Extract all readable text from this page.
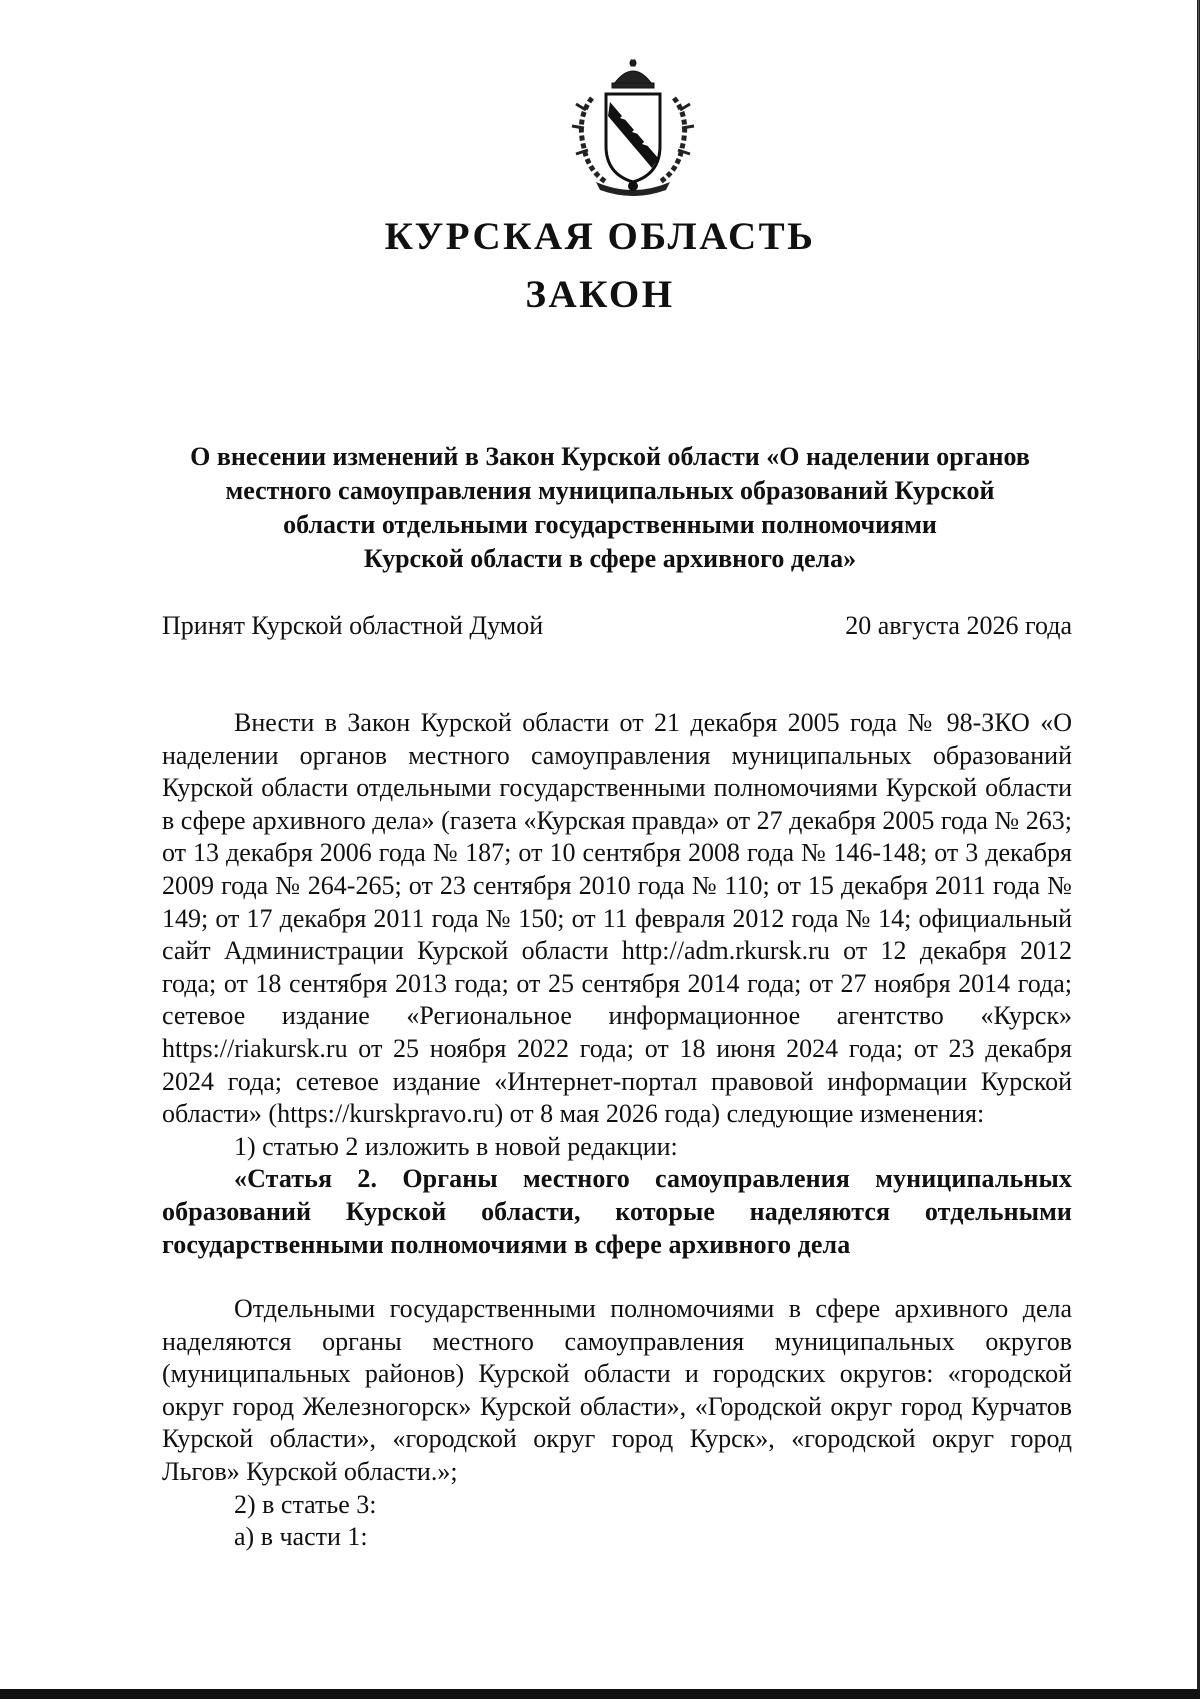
КУРСКАЯ ОБЛАСТЬ
ЗАКОН
О внесении изменений в Закон Курской области «О наделении органов
местного самоуправления муниципальных образований Курской
области отдельными государственными полномочиями
Курской области в сфере архивного дела»
Принят Курской областной Думой	20 августа 2026 года

Внести в Закон Курской области от 21 декабря 2005 года № 98-ЗКО «О наделении органов местного самоуправления муниципальных образований Курской области отдельными государственными полномочиями Курской области в сфере архивного дела» (газета «Курская правда» от 27 декабря 2005 года № 263; от 13 декабря 2006 года № 187; от 10 сентября 2008 года № 146-148; от 3 декабря 2009 года № 264-265; от 23 сентября 2010 года № 110; от 15 декабря 2011 года № 149; от 17 декабря 2011 года № 150; от 11 февраля 2012 года № 14; официальный сайт Администрации Курской области http://adm.rkursk.ru от 12 декабря 2012 года; от 18 сентября 2013 года; от 25 сентября 2014 года; от 27 ноября 2014 года; сетевое издание «Региональное информационное агентство «Курск» https://riakursk.ru от 25 ноября 2022 года; от 18 июня 2024 года; от 23 декабря 2024 года; сетевое издание «Интернет-портал правовой информации Курской области» (https://kurskpravo.ru) от 8 мая 2026 года) следующие изменения:

1) статью 2 изложить в новой редакции:

«Статья 2. Органы местного самоуправления муниципальных образований Курской области, которые наделяются отдельными государственными полномочиями в сфере архивного дела

Отдельными государственными полномочиями в сфере архивного дела наделяются органы местного самоуправления муниципальных округов (муниципальных районов) Курской области и городских округов: «городской округ город Железногорск» Курской области», «Городской округ город Курчатов Курской области», «городской округ город Курск», «городской округ город Льгов» Курской области.»;

2) в статье 3:

а) в части 1:
